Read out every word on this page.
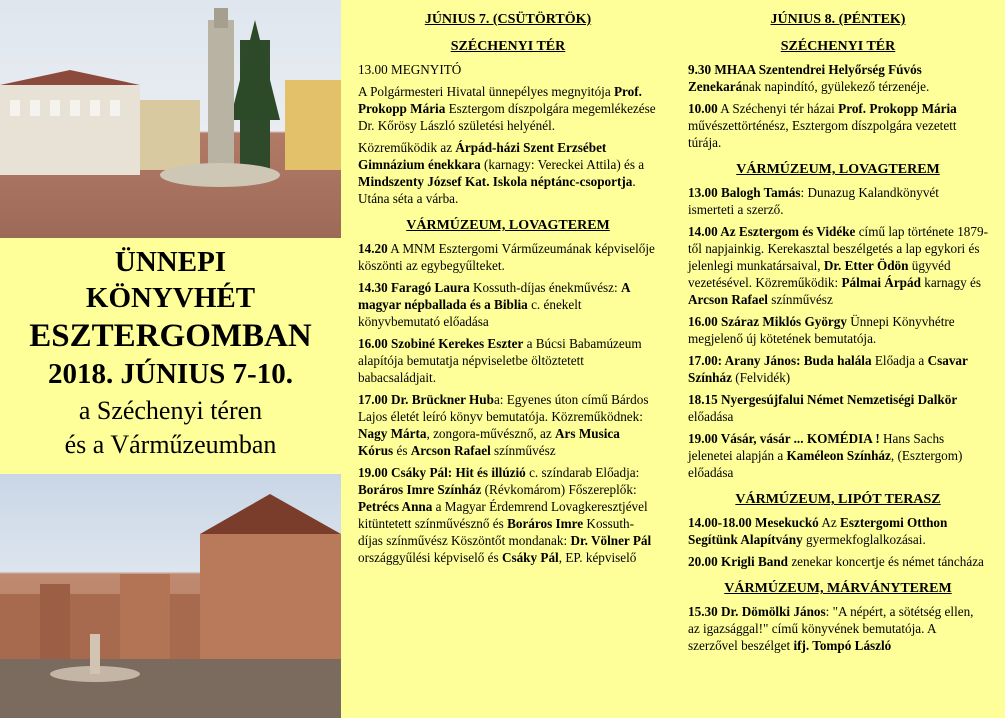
ÜNNEPI
KÖNYVHÉT
ESZTERGOMBAN
2018. JÚNIUS 7-10.
a Széchenyi téren
és a Várműzeumban
JÚNIUS 7. (CSÜTÖRTÖK)
SZÉCHENYI TÉR
13.00 MEGNYITÓ
A Polgármesteri Hivatal ünnepélyes megnyitója Prof. Prokopp Mária Esztergom díszpolgára megemlékezése Dr. Kőrösy László születési helyénél.
Közreműködik az Árpád-házi Szent Erzsébet Gimnázium énekkara (karnagy: Vereckei Attila) és a Mindszenty József Kat. Iskola néptánc-csoportja. Utána séta a várba.
VÁRMÚZEUM, LOVAGTEREM
14.20 A MNM Esztergomi Várműzeumának képviselője köszönti az egybegyűlteket.
14.30 Faragó Laura Kossuth-díjas énekművész: A magyar népballada és a Biblia c. énekelt könyvbemutató előadása
16.00 Szobiné Kerekes Eszter a Búcsi Babamúzeum alapítója bemutatja népviseletbe öltöztetett babacsaládjait.
17.00 Dr. Brückner Huba: Egyenes úton című Bárdos Lajos életét leíró könyv bemutatója. Közreműködnek: Nagy Márta, zongora-művésznő, az Ars Musica Kórus és Arcson Rafael színművész
19.00 Csáky Pál: Hit és illúzió c. színdarab Előadja: Boráros Imre Színház (Révkomárom) Főszereplők: Petrécs Anna a Magyar Érdemrend Lovagkeresztjével kitüntetett színművésznő és Boráros Imre Kossuth-díjas színművész Köszöntőt mondanak: Dr. Völner Pál országgyűlési képviselő és Csáky Pál, EP. képviselő
JÚNIUS 8. (PÉNTEK)
SZÉCHENYI TÉR
9.30 MHAA Szentendrei Helyőrség Fúvós Zenekarának napindító, gyülekező térzenéje.
10.00 A Széchenyi tér házai Prof. Prokopp Mária művészettörténész, Esztergom díszpolgára vezetett túrája.
VÁRMÚZEUM, LOVAGTEREM
13.00 Balogh Tamás: Dunazug Kalandkönyvét ismerteti a szerző.
14.00 Az Esztergom és Vidéke című lap története 1879-től napjainkig. Kerekasztal beszélgetés a lap egykori és jelenlegi munkatársaival, Dr. Etter Ödön ügyvéd vezetésével. Közreműködik: Pálmai Árpád karnagy és Arcson Rafael színművész
16.00 Száraz Miklós György Ünnepi Könyvhétre megjelenő új kötetének bemutatója.
17.00: Arany János: Buda halála Előadja a Csavar Színház (Felvidék)
18.15 Nyergesújfalui Német Nemzetiségi Dalkör előadása
19.00 Vásár, vásár ... KOMÉDIA ! Hans Sachs jelenetei alapján a Kaméleon Színház, (Esztergom) előadása
VÁRMÚZEUM, LIPÓT TERASZ
14.00-18.00 Mesekuckó Az Esztergomi Otthon Segítünk Alapítvány gyermekfoglalkozásai.
20.00 Krigli Band zenekar koncertje és német táncháza
VÁRMÚZEUM, MÁRVÁNYTEREM
15.30 Dr. Dömölki János: "A népért, a sötétség ellen, az igazsággal!" című könyvének bemutatója. A szerzővel beszélget ifj. Tompó László
